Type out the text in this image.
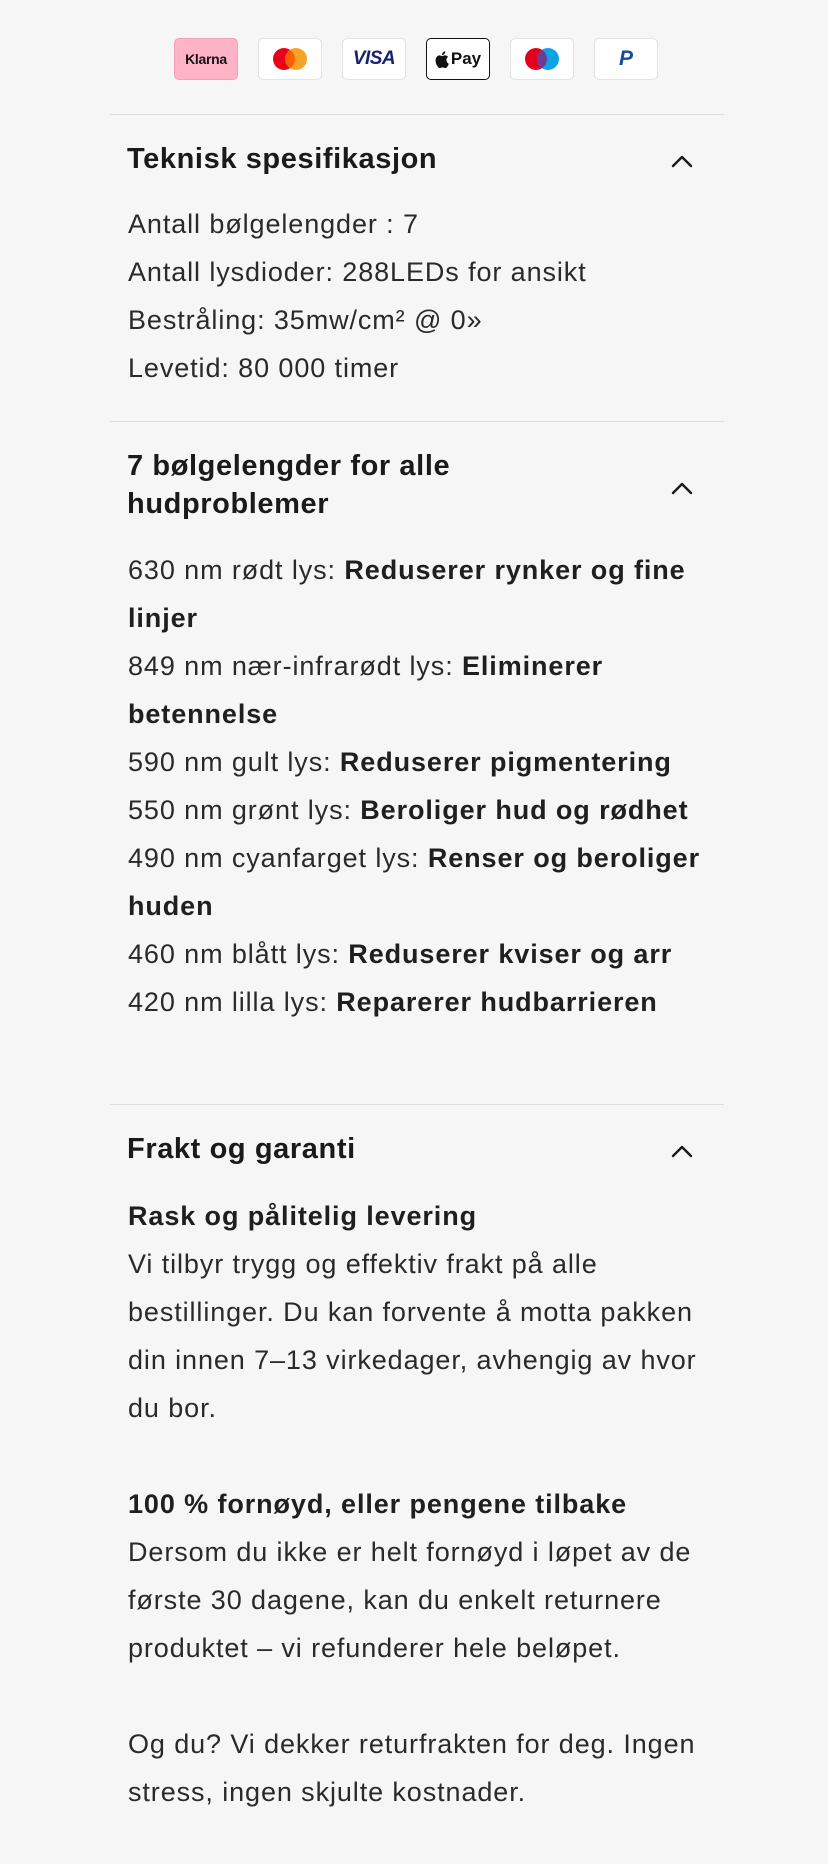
Klarna	VISA	Pay	P
Teknisk spesifikasjon

Antall bølgelengder : 7

Antall lysdioder: 288LEDs for ansikt

Bestråling: 35mw/cm² @ 0»

Levetid: 80 000 timer

7 bølgelengder for alle hudproblemer

630 nm rødt lys: Reduserer rynker og fine linjer

849 nm nær-infrarødt lys: Eliminerer betennelse

590 nm gult lys: Reduserer pigmentering

550 nm grønt lys: Beroliger hud og rødhet

490 nm cyanfarget lys: Renser og beroliger huden

460 nm blått lys: Reduserer kviser og arr

420 nm lilla lys: Reparerer hudbarrieren

Frakt og garanti

Rask og pålitelig levering

Vi tilbyr trygg og effektiv frakt på alle bestillinger. Du kan forvente å motta pakken din innen 7–13 virkedager, avhengig av hvor du bor.

100 % fornøyd, eller pengene tilbake

Dersom du ikke er helt fornøyd i løpet av de første 30 dagene, kan du enkelt returnere produktet – vi refunderer hele beløpet.

Og du? Vi dekker returfrakten for deg. Ingen stress, ingen skjulte kostnader.
